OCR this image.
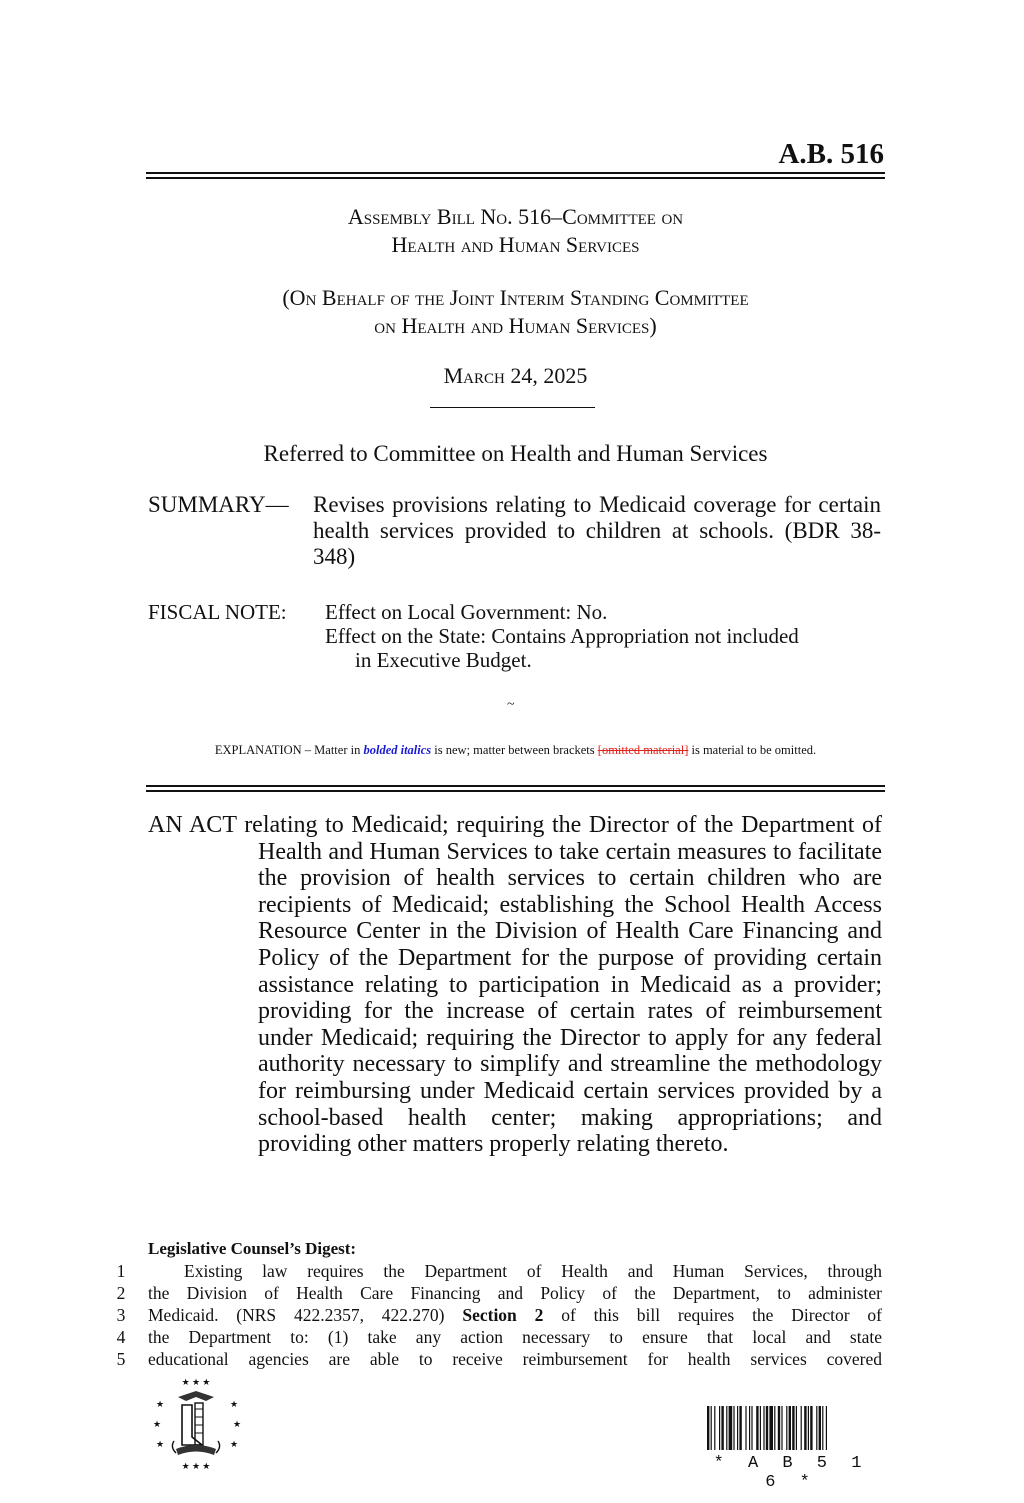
A.B. 516
Assembly Bill No. 516–Committee on
Health and Human Services
(On Behalf of the Joint Interim Standing Committee
on Health and Human Services)
March 24, 2025
Referred to Committee on Health and Human Services
SUMMARY— Revises provisions relating to Medicaid coverage for certain health services provided to children at schools. (BDR 38-348)
FISCAL NOTE: Effect on Local Government: No.
Effect on the State: Contains Appropriation not included
in Executive Budget.
~
EXPLANATION – Matter in bolded italics is new; matter between brackets [omitted material] is material to be omitted.
AN ACT relating to Medicaid; requiring the Director of the Department of Health and Human Services to take certain measures to facilitate the provision of health services to certain children who are recipients of Medicaid; establishing the School Health Access Resource Center in the Division of Health Care Financing and Policy of the Department for the purpose of providing certain assistance relating to participation in Medicaid as a provider; providing for the increase of certain rates of reimbursement under Medicaid; requiring the Director to apply for any federal authority necessary to simplify and streamline the methodology for reimbursing under Medicaid certain services provided by a school-based health center; making appropriations; and providing other matters properly relating thereto.
Legislative Counsel’s Digest:
1	Existing law requires the Department of Health and Human Services, through
2	the Division of Health Care Financing and Policy of the Department, to administer
3	Medicaid. (NRS 422.2357, 422.270) Section 2 of this bill requires the Director of
4	the Department to: (1) take any action necessary to ensure that local and state
5	educational agencies are able to receive reimbursement for health services covered
★ ★ ★
★
★
★
★
★
★
★ ★ ★	* A B 5 1 6 *
